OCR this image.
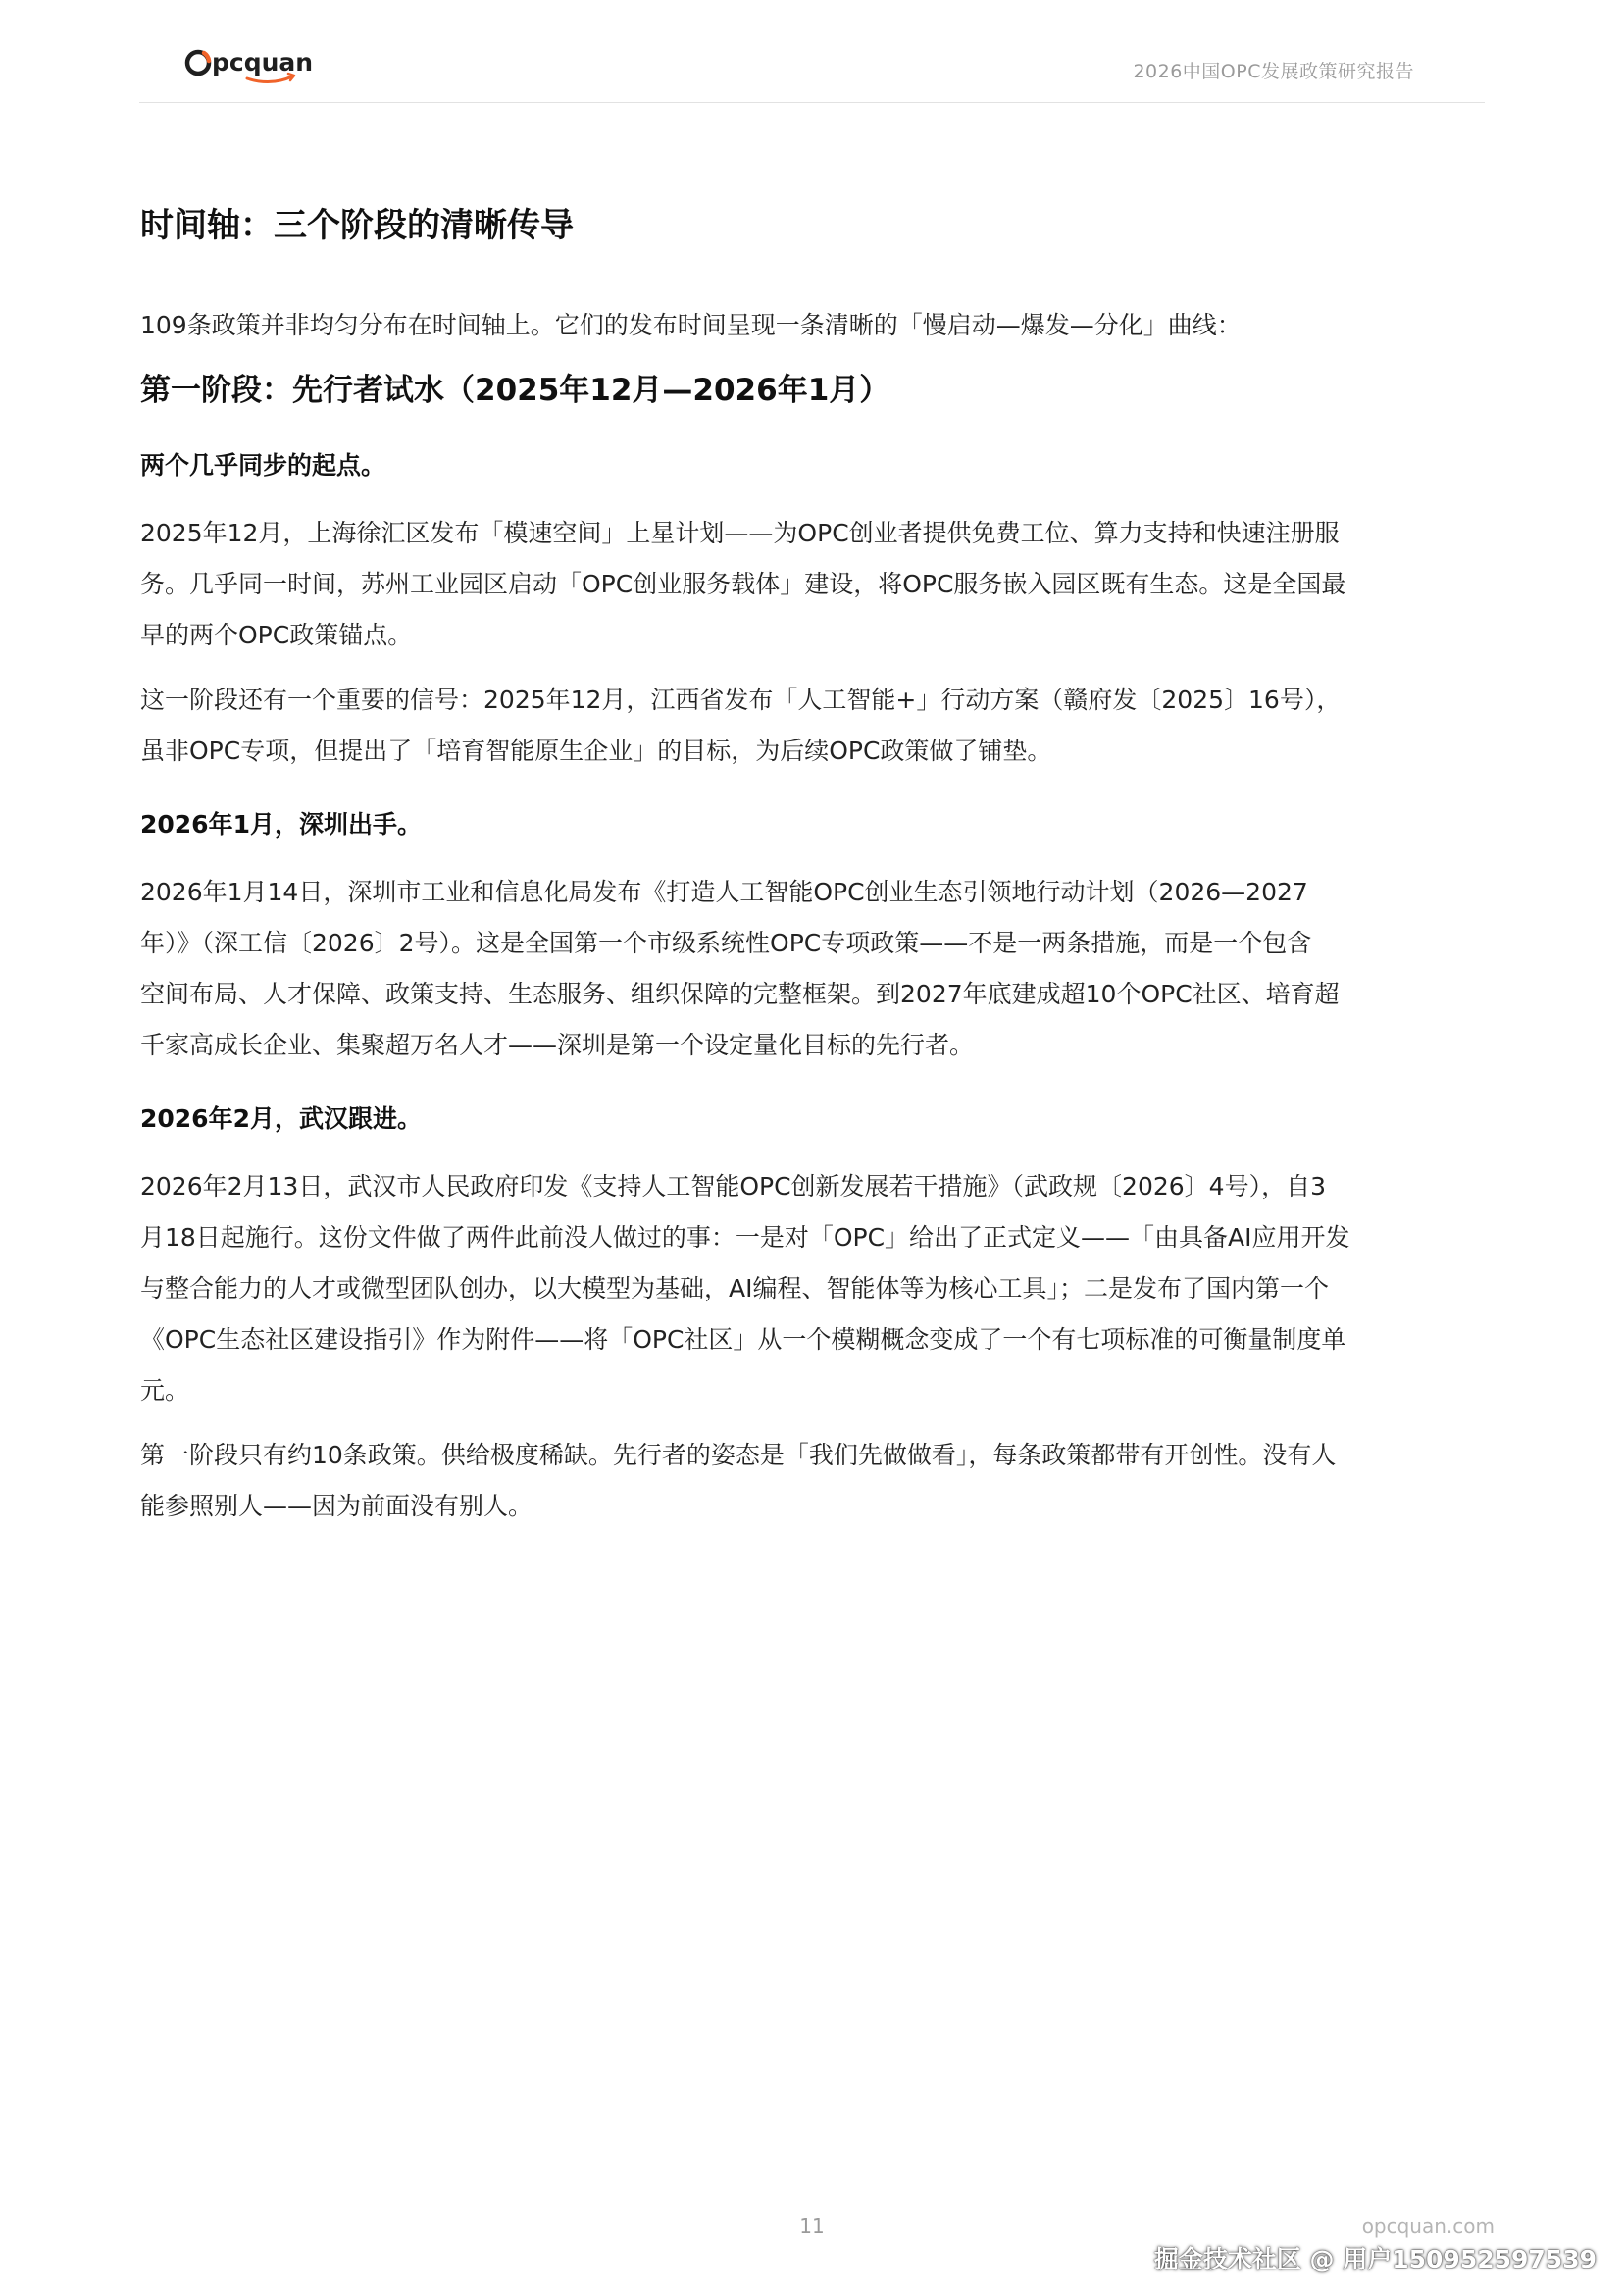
pcquan	2026中国OPC发展政策研究报告
时间轴：三个阶段的清晰传导

109条政策并非均匀分布在时间轴上。它们的发布时间呈现一条清晰的「慢启动—爆发—分化」曲线：

第一阶段：先行者试水（2025年12月—2026年1月）
两个几乎同步的起点。

2025年12月，上海徐汇区发布「模速空间」上星计划——为OPC创业者提供免费工位、算力支持和快速注册服
务。几乎同一时间，苏州工业园区启动「OPC创业服务载体」建设，将OPC服务嵌入园区既有生态。这是全国最
早的两个OPC政策锚点。

这一阶段还有一个重要的信号：2025年12月，江西省发布「人工智能+」行动方案（赣府发〔2025〕16号），
虽非OPC专项，但提出了「培育智能原生企业」的目标，为后续OPC政策做了铺垫。

2026年1月，深圳出手。

2026年1月14日，深圳市工业和信息化局发布《打造人工智能OPC创业生态引领地行动计划（2026—2027
年）》（深工信〔2026〕2号）。这是全国第一个市级系统性OPC专项政策——不是一两条措施，而是一个包含
空间布局、人才保障、政策支持、生态服务、组织保障的完整框架。到2027年底建成超10个OPC社区、培育超
千家高成长企业、集聚超万名人才——深圳是第一个设定量化目标的先行者。

2026年2月，武汉跟进。

2026年2月13日，武汉市人民政府印发《支持人工智能OPC创新发展若干措施》（武政规〔2026〕4号），自3
月18日起施行。这份文件做了两件此前没人做过的事：一是对「OPC」给出了正式定义——「由具备AI应用开发
与整合能力的人才或微型团队创办，以大模型为基础，AI编程、智能体等为核心工具」；二是发布了国内第一个
《OPC生态社区建设指引》作为附件——将「OPC社区」从一个模糊概念变成了一个有七项标准的可衡量制度单
元。

第一阶段只有约10条政策。供给极度稀缺。先行者的姿态是「我们先做做看」，每条政策都带有开创性。没有人
能参照别人——因为前面没有别人。

11	opcquan.com
掘金技术社区 @ 用户150952597539
